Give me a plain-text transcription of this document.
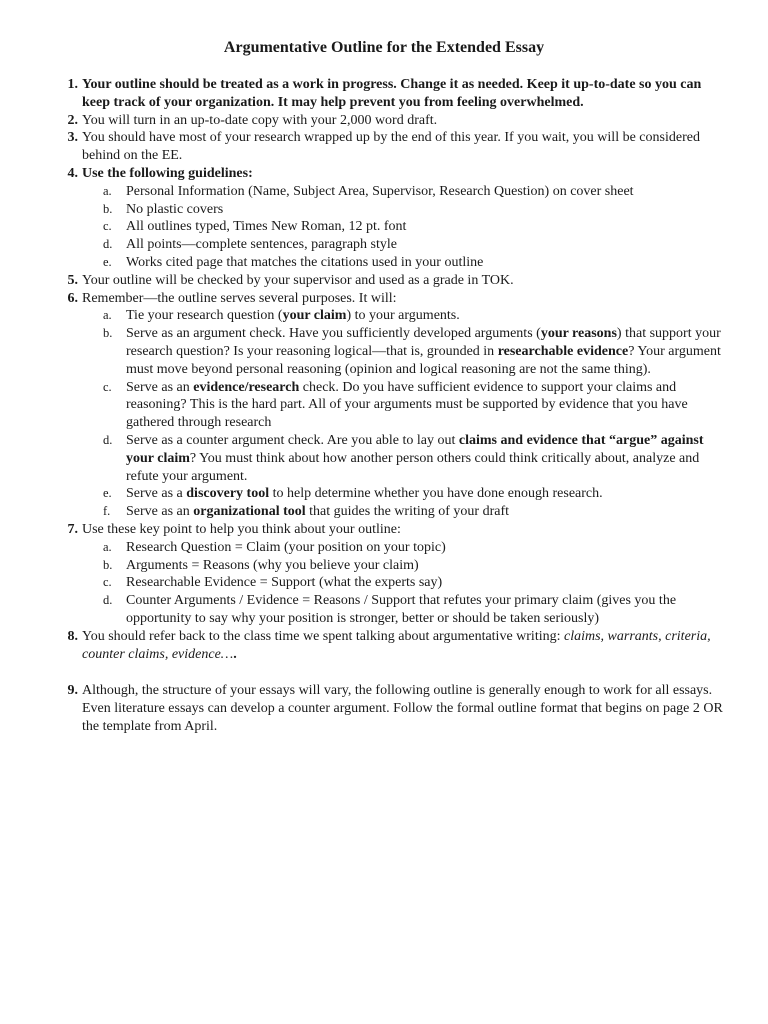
Argumentative Outline for the Extended Essay
1. Your outline should be treated as a work in progress. Change it as needed. Keep it up-to-date so you can keep track of your organization. It may help prevent you from feeling overwhelmed.
2. You will turn in an up-to-date copy with your 2,000 word draft.
3. You should have most of your research wrapped up by the end of this year. If you wait, you will be considered behind on the EE.
4. Use the following guidelines:
a.	Personal Information (Name, Subject Area, Supervisor, Research Question) on cover sheet
b. No plastic covers
c.	All outlines typed, Times New Roman, 12 pt. font
d. All points—complete sentences, paragraph style
e.	Works cited page that matches the citations used in your outline
5. Your outline will be checked by your supervisor and used as a grade in TOK.
6. Remember—the outline serves several purposes. It will:
a.	Tie your research question (your claim) to your arguments.
b. Serve as an argument check. Have you sufficiently developed arguments (your reasons) that support your research question? Is your reasoning logical—that is, grounded in researchable evidence? Your argument must move beyond personal reasoning (opinion and logical reasoning are not the same thing).
c.	Serve as an evidence/research check. Do you have sufficient evidence to support your claims and reasoning? This is the hard part. All of your arguments must be supported by evidence that you have gathered through research
d. Serve as a counter argument check. Are you able to lay out claims and evidence that “argue” against your claim? You must think about how another person others could think critically about, analyze and refute your argument.
e.	Serve as a discovery tool to help determine whether you have done enough research.
f.	Serve as an organizational tool that guides the writing of your draft
7. Use these key point to help you think about your outline:
a.	Research Question = Claim (your position on your topic)
b. Arguments = Reasons (why you believe your claim)
c.	Researchable Evidence = Support (what the experts say)
d. Counter Arguments / Evidence = Reasons / Support that refutes your primary claim (gives you the opportunity to say why your position is stronger, better or should be taken seriously)
8. You should refer back to the class time we spent talking about argumentative writing: claims, warrants, criteria, counter claims, evidence….
9. Although, the structure of your essays will vary, the following outline is generally enough to work for all essays. Even literature essays can develop a counter argument. Follow the formal outline format that begins on page 2 OR the template from April.
